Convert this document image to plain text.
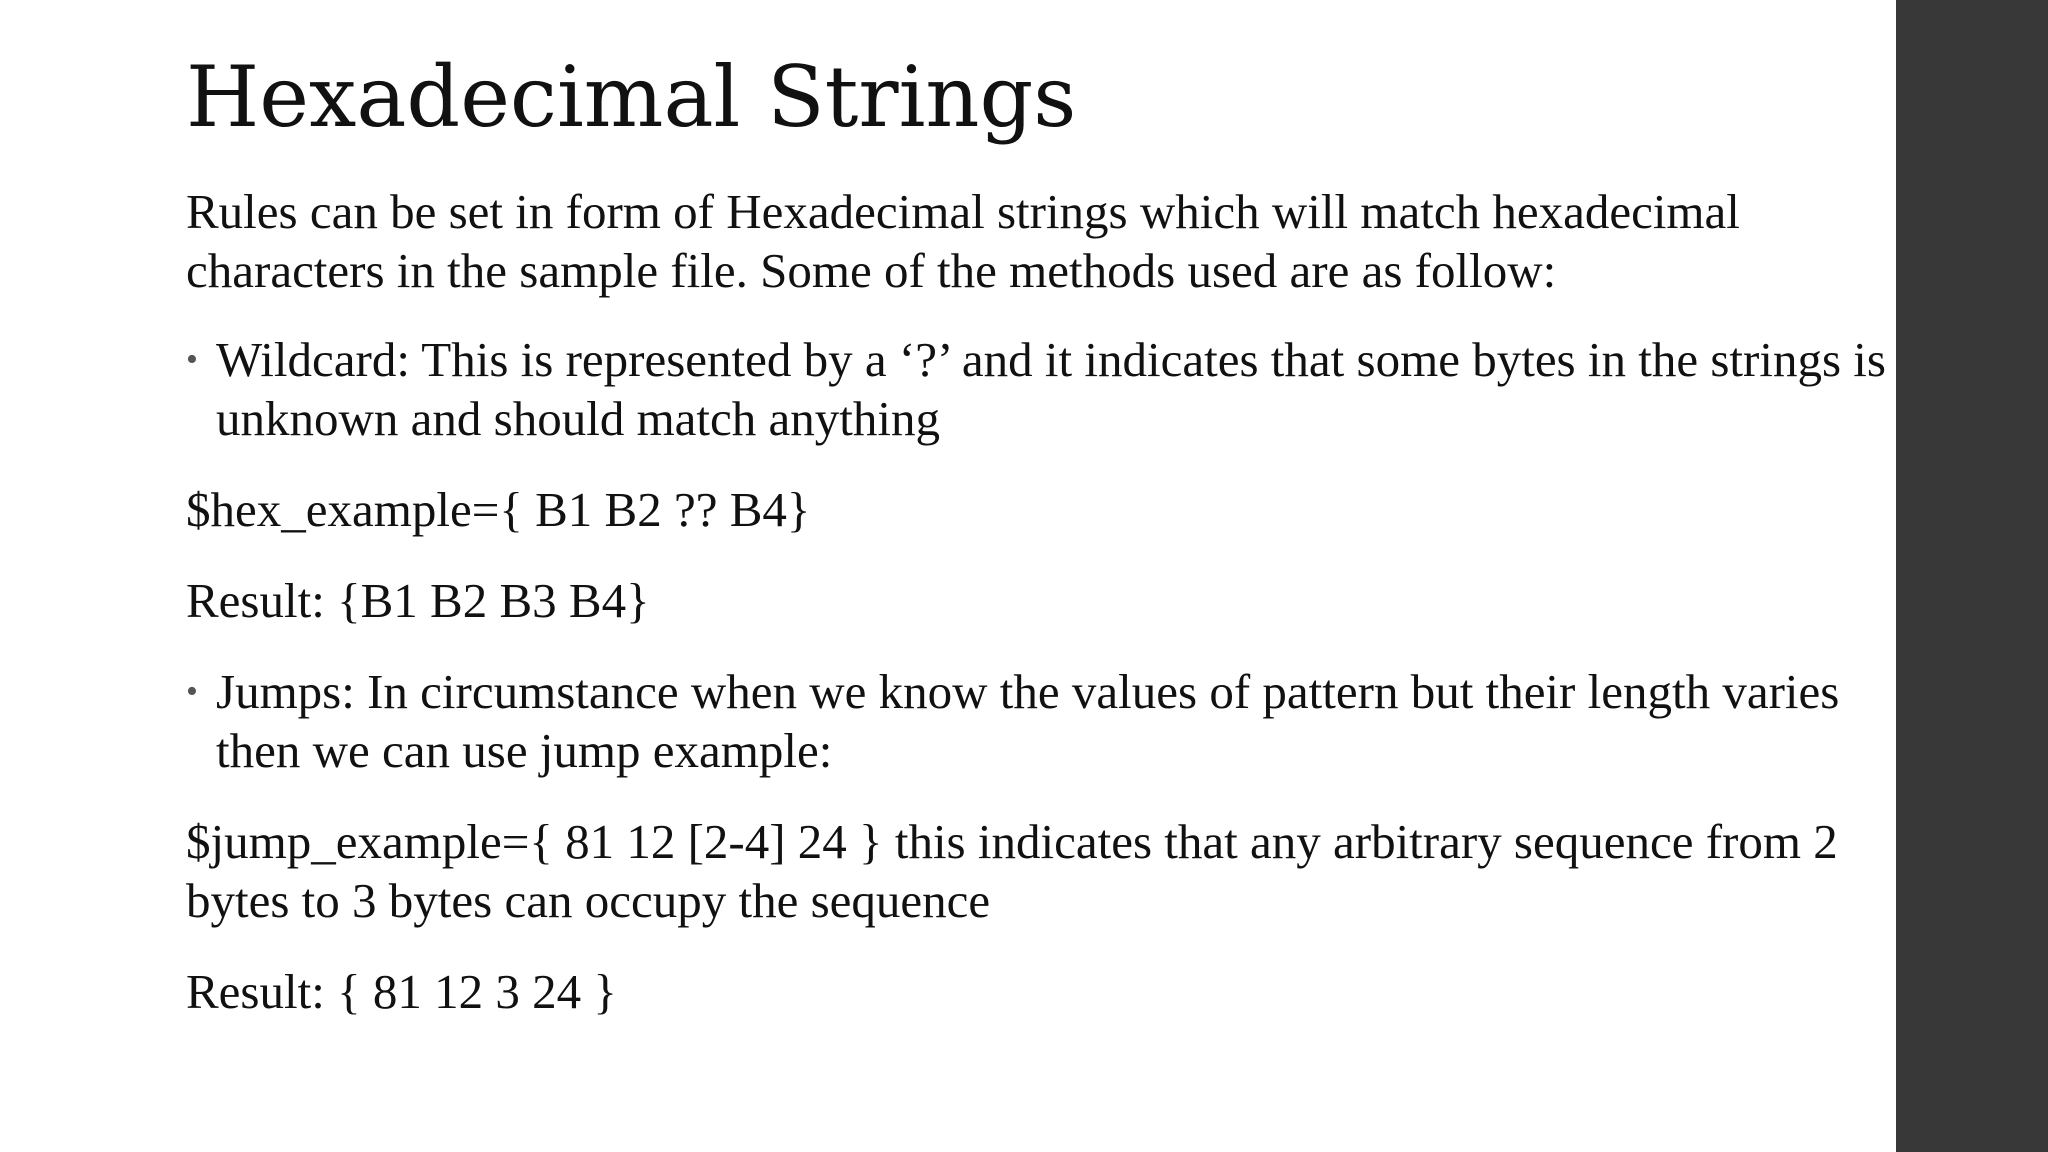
Hexadecimal Strings

Rules can be set in form of Hexadecimal strings which will match hexadecimal characters in the sample file. Some of the methods used are as follow:

• Wildcard: This is represented by a ‘?’ and it indicates that some bytes in the strings is unknown and should match anything

$hex_example={ B1 B2 ?? B4}

Result: {B1 B2 B3 B4}

• Jumps: In circumstance when we know the values of pattern but their length varies then we can use jump example:

$jump_example={ 81 12 [2-4] 24 } this indicates that any arbitrary sequence from 2 bytes to 3 bytes can occupy the sequence

Result: { 81 12 3 24 }
